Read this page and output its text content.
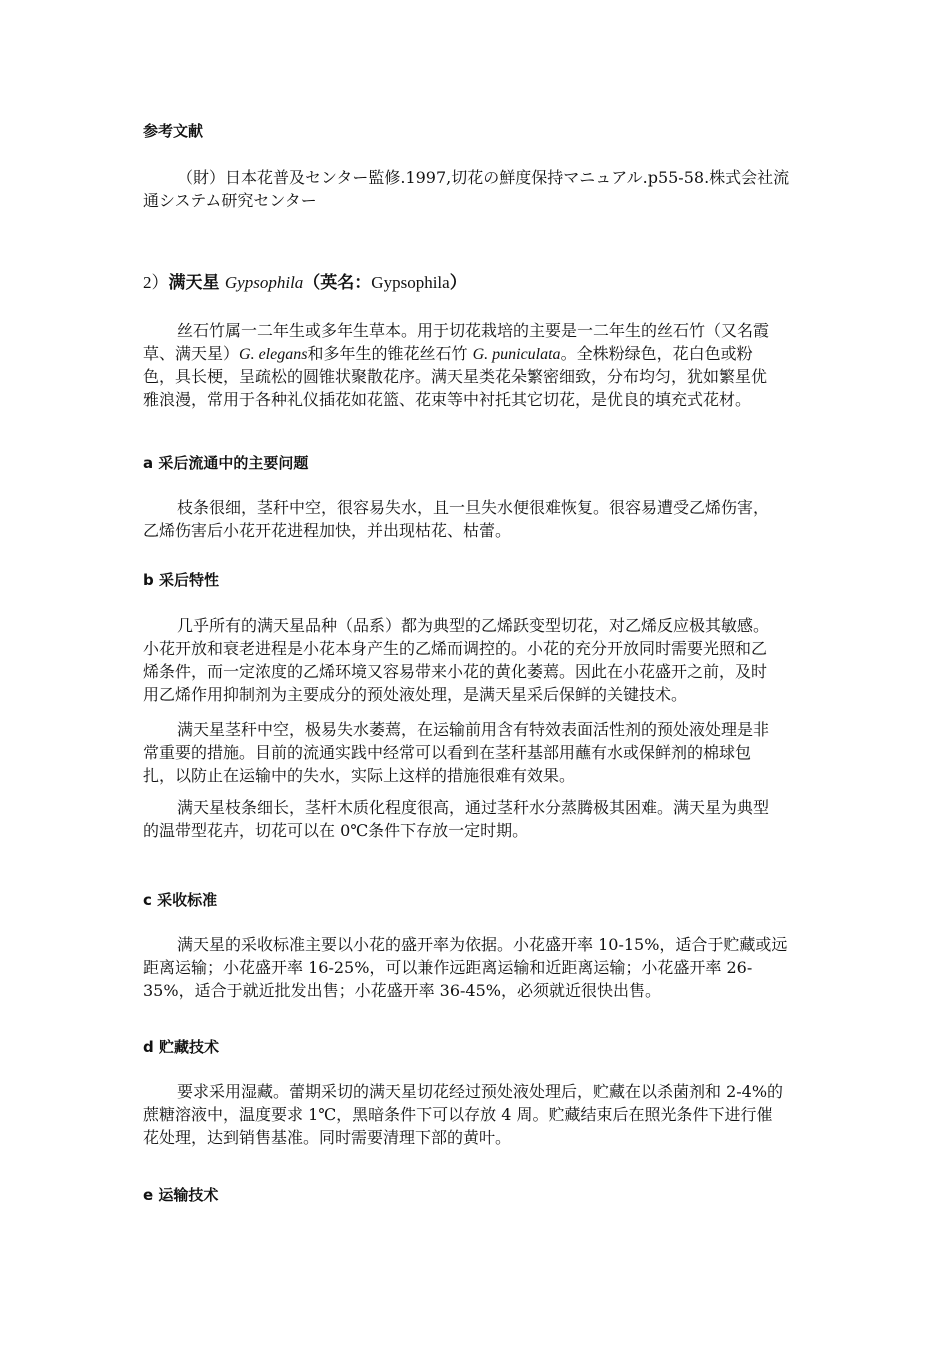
参考文献
（財）日本花普及センター監修.1997,切花の鮮度保持マニュアル.p55-58.株式会社流
通システム研究センター
2）满天星 Gypsophila（英名：Gypsophila）
丝石竹属一二年生或多年生草本。用于切花栽培的主要是一二年生的丝石竹（又名霞
草、满天星）G. elegans和多年生的锥花丝石竹 G. puniculata。全株粉绿色，花白色或粉
色，具长梗，呈疏松的圆锥状聚散花序。满天星类花朵繁密细致，分布均匀，犹如繁星优
雅浪漫，常用于各种礼仪插花如花篮、花束等中衬托其它切花，是优良的填充式花材。
a 采后流通中的主要问题
枝条很细，茎秆中空，很容易失水，且一旦失水便很难恢复。很容易遭受乙烯伤害，
乙烯伤害后小花开花进程加快，并出现枯花、枯蕾。
b 采后特性
几乎所有的满天星品种（品系）都为典型的乙烯跃变型切花，对乙烯反应极其敏感。
小花开放和衰老进程是小花本身产生的乙烯而调控的。小花的充分开放同时需要光照和乙
烯条件，而一定浓度的乙烯环境又容易带来小花的黄化萎蔫。因此在小花盛开之前，及时
用乙烯作用抑制剂为主要成分的预处液处理，是满天星采后保鲜的关键技术。
满天星茎秆中空，极易失水萎蔫，在运输前用含有特效表面活性剂的预处液处理是非
常重要的措施。目前的流通实践中经常可以看到在茎秆基部用蘸有水或保鲜剂的棉球包
扎，以防止在运输中的失水，实际上这样的措施很难有效果。
满天星枝条细长，茎杆木质化程度很高，通过茎秆水分蒸腾极其困难。满天星为典型
的温带型花卉，切花可以在 0℃条件下存放一定时期。
c 采收标准
满天星的采收标准主要以小花的盛开率为依据。小花盛开率 10-15%，适合于贮藏或远
距离运输；小花盛开率 16-25%，可以兼作远距离运输和近距离运输；小花盛开率 26-
35%，适合于就近批发出售；小花盛开率 36-45%，必须就近很快出售。
d 贮藏技术
要求采用湿藏。蕾期采切的满天星切花经过预处液处理后，贮藏在以杀菌剂和 2-4%的
蔗糖溶液中，温度要求 1℃，黑暗条件下可以存放 4 周。贮藏结束后在照光条件下进行催
花处理，达到销售基准。同时需要清理下部的黄叶。
e 运输技术
